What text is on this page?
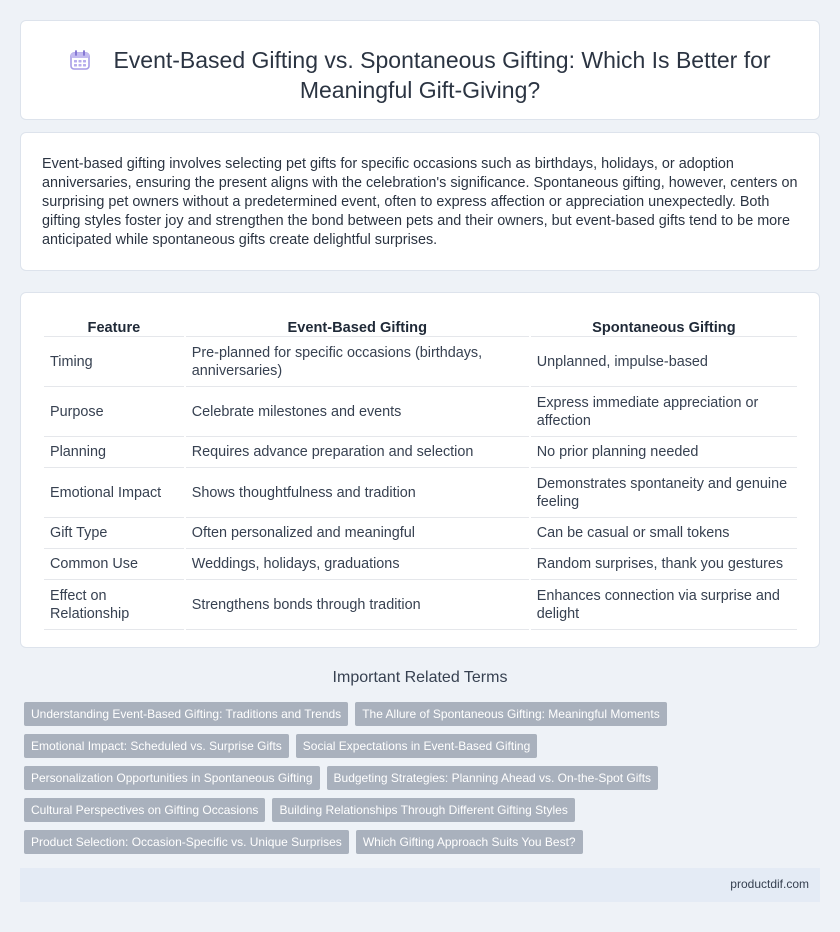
Event-Based Gifting vs. Spontaneous Gifting: Which Is Better for Meaningful Gift-Giving?

Event-based gifting involves selecting pet gifts for specific occasions such as birthdays, holidays, or adoption anniversaries, ensuring the present aligns with the celebration's significance. Spontaneous gifting, however, centers on surprising pet owners without a predetermined event, often to express affection or appreciation unexpectedly. Both gifting styles foster joy and strengthen the bond between pets and their owners, but event-based gifts tend to be more anticipated while spontaneous gifts create delightful surprises.

Feature	Event-Based Gifting	Spontaneous Gifting
Timing	Pre-planned for specific occasions (birthdays, anniversaries)	Unplanned, impulse-based
Purpose	Celebrate milestones and events	Express immediate appreciation or affection
Planning	Requires advance preparation and selection	No prior planning needed
Emotional Impact	Shows thoughtfulness and tradition	Demonstrates spontaneity and genuine feeling
Gift Type	Often personalized and meaningful	Can be casual or small tokens
Common Use	Weddings, holidays, graduations	Random surprises, thank you gestures
Effect on Relationship	Strengthens bonds through tradition	Enhances connection via surprise and delight
Important Related Terms
Understanding Event-Based Gifting: Traditions and Trends	The Allure of Spontaneous Gifting: Meaningful Moments
Emotional Impact: Scheduled vs. Surprise Gifts	Social Expectations in Event-Based Gifting
Personalization Opportunities in Spontaneous Gifting	Budgeting Strategies: Planning Ahead vs. On-the-Spot Gifts
Cultural Perspectives on Gifting Occasions	Building Relationships Through Different Gifting Styles
Product Selection: Occasion-Specific vs. Unique Surprises	Which Gifting Approach Suits You Best?
productdif.com
